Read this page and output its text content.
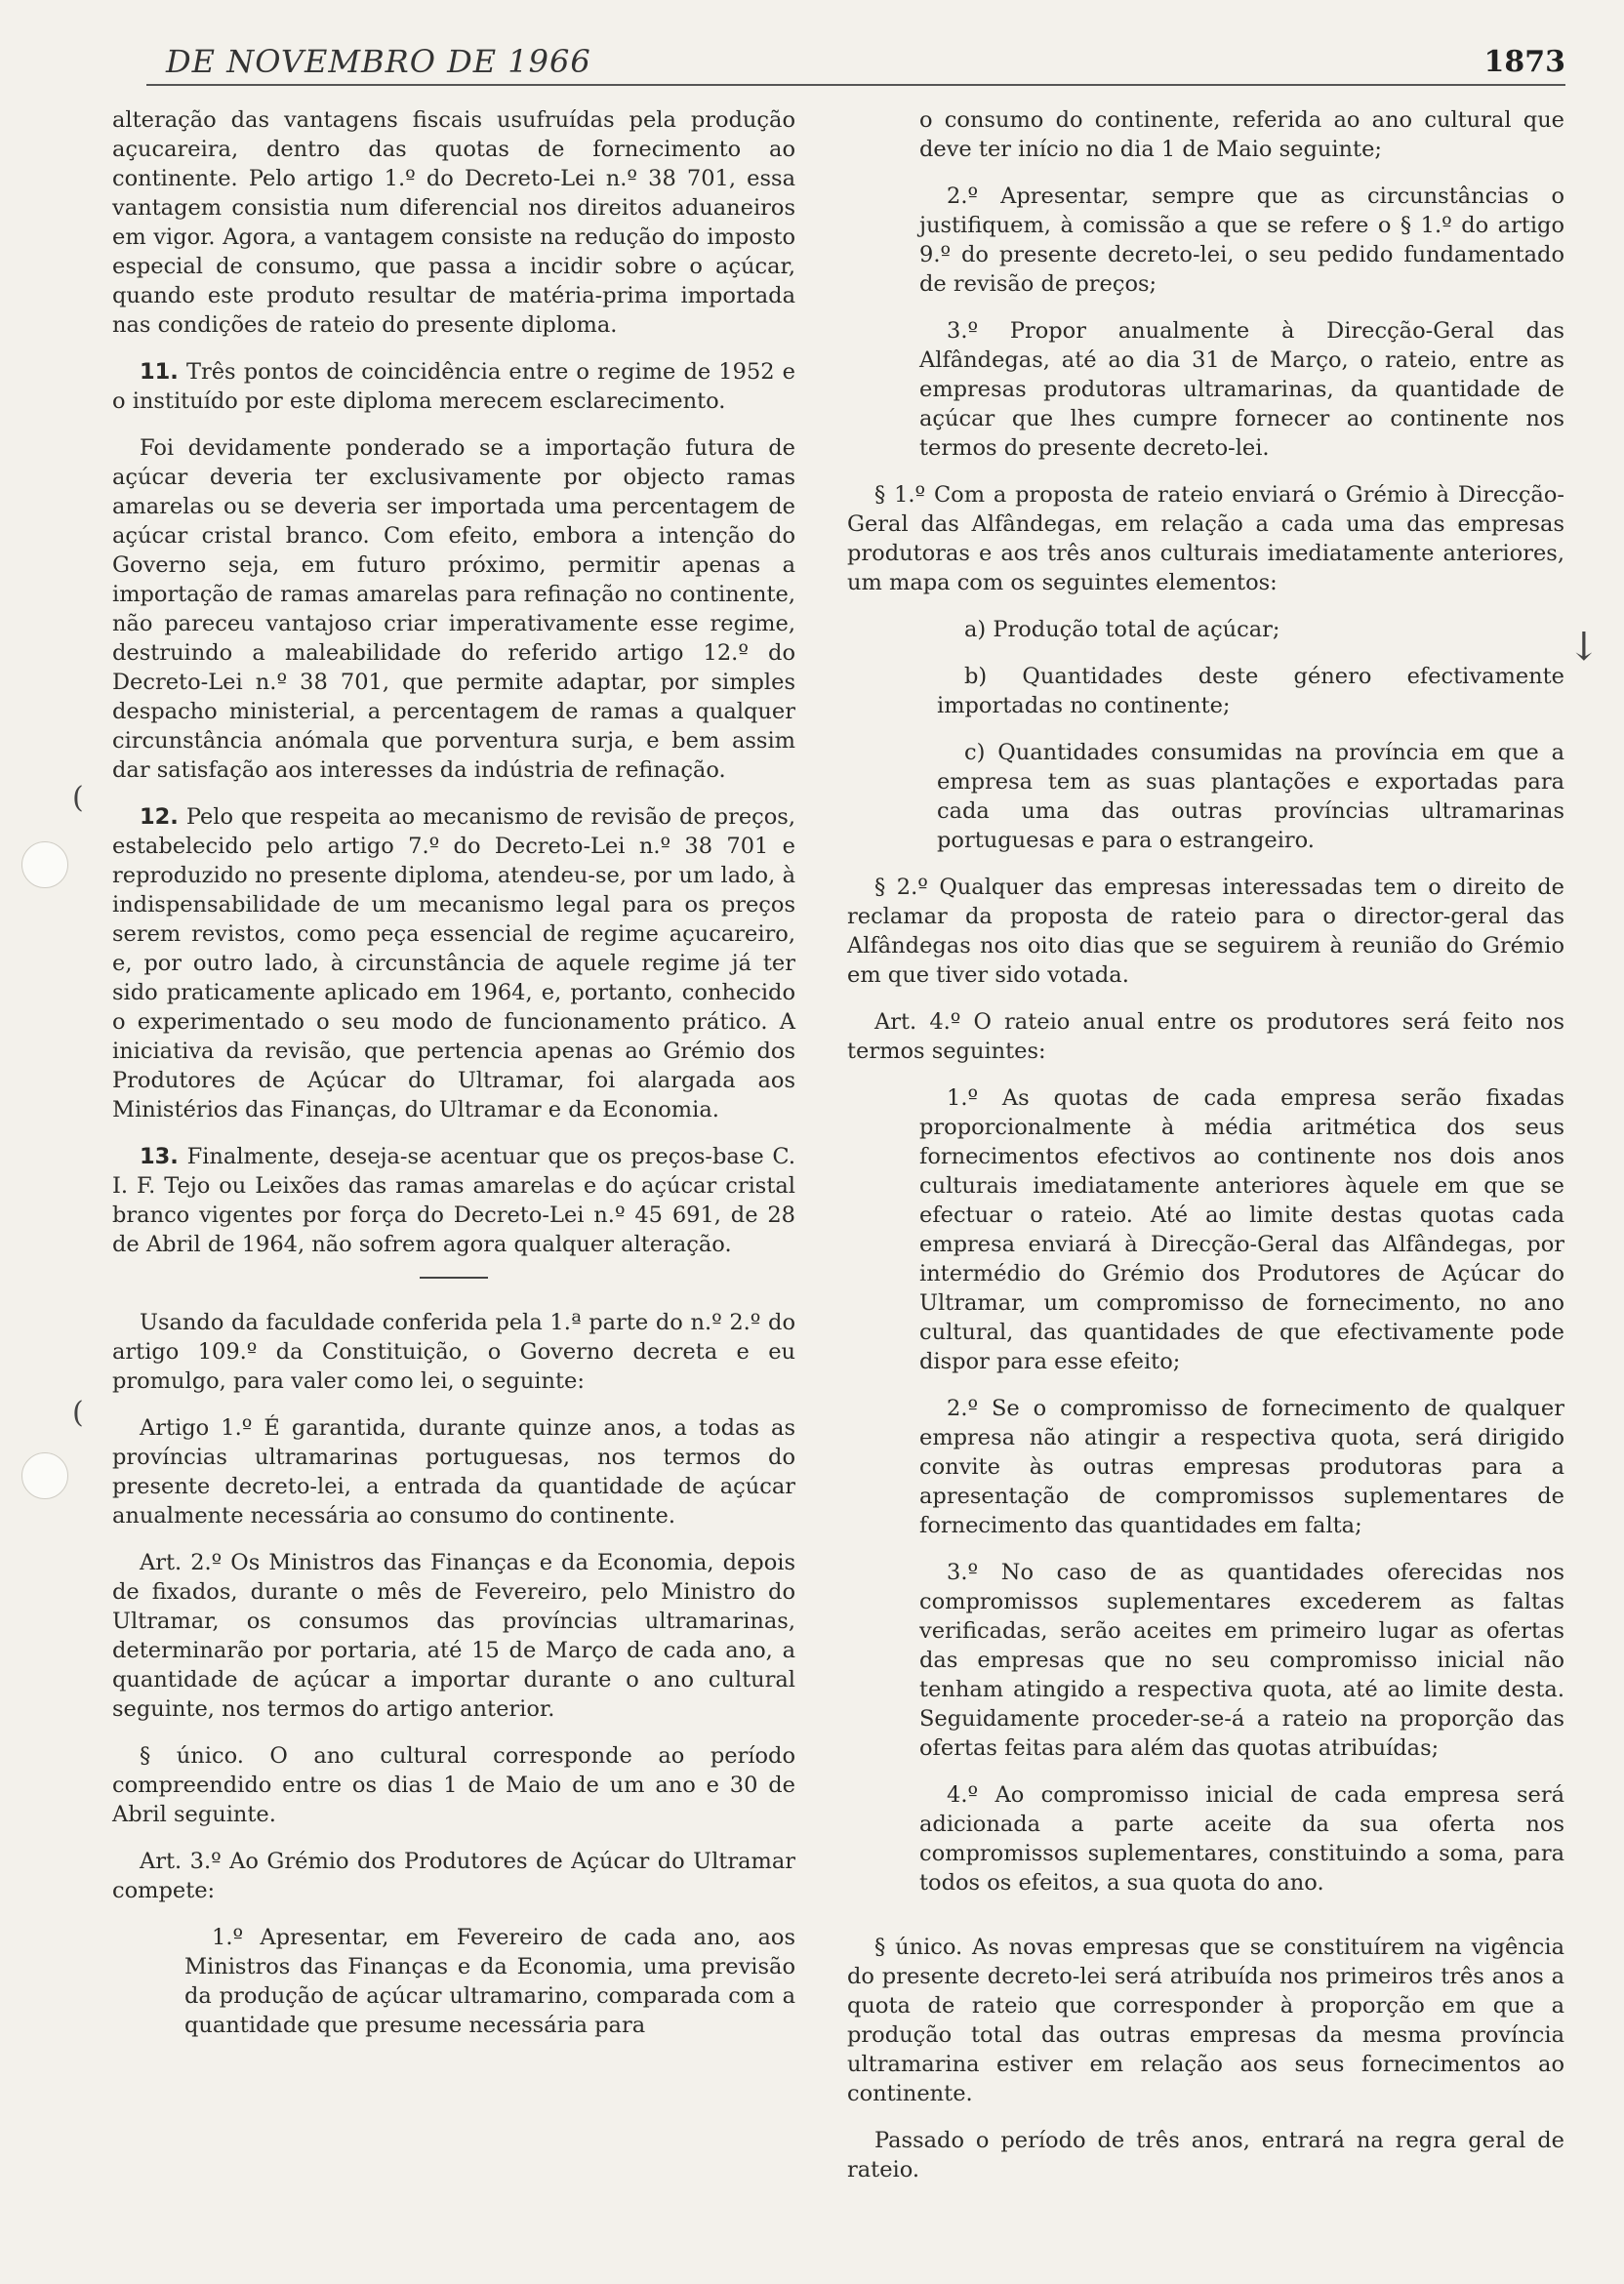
(
(
↓
DE NOVEMBRO DE 1966	1873

alteração das vantagens fiscais usufruídas pela produção açucareira, dentro das quotas de fornecimento ao continente. Pelo artigo 1.º do Decreto-Lei n.º 38 701, essa vantagem consistia num diferencial nos direitos aduaneiros em vigor. Agora, a vantagem consiste na redução do imposto especial de consumo, que passa a incidir sobre o açúcar, quando este produto resultar de matéria-prima importada nas condições de rateio do presente diploma.

11. Três pontos de coincidência entre o regime de 1952 e o instituído por este diploma merecem esclarecimento.

Foi devidamente ponderado se a importação futura de açúcar deveria ter exclusivamente por objecto ramas amarelas ou se deveria ser importada uma percentagem de açúcar cristal branco. Com efeito, embora a intenção do Governo seja, em futuro próximo, permitir apenas a importação de ramas amarelas para refinação no continente, não pareceu vantajoso criar imperativamente esse regime, destruindo a maleabilidade do referido artigo 12.º do Decreto-Lei n.º 38 701, que permite adaptar, por simples despacho ministerial, a percentagem de ramas a qualquer circunstância anómala que porventura surja, e bem assim dar satisfação aos interesses da indústria de refinação.

12. Pelo que respeita ao mecanismo de revisão de preços, estabelecido pelo artigo 7.º do Decreto-Lei n.º 38 701 e reproduzido no presente diploma, atendeu-se, por um lado, à indispensabilidade de um mecanismo legal para os preços serem revistos, como peça essencial de regime açucareiro, e, por outro lado, à circunstância de aquele regime já ter sido praticamente aplicado em 1964, e, portanto, conhecido o experimentado o seu modo de funcionamento prático. A iniciativa da revisão, que pertencia apenas ao Grémio dos Produtores de Açúcar do Ultramar, foi alargada aos Ministérios das Finanças, do Ultramar e da Economia.

13. Finalmente, deseja-se acentuar que os preços-base C. I. F. Tejo ou Leixões das ramas amarelas e do açúcar cristal branco vigentes por força do Decreto-Lei n.º 45 691, de 28 de Abril de 1964, não sofrem agora qualquer alteração.

Usando da faculdade conferida pela 1.ª parte do n.º 2.º do artigo 109.º da Constituição, o Governo decreta e eu promulgo, para valer como lei, o seguinte:

Artigo 1.º É garantida, durante quinze anos, a todas as províncias ultramarinas portuguesas, nos termos do presente decreto-lei, a entrada da quantidade de açúcar anualmente necessária ao consumo do continente.

Art. 2.º Os Ministros das Finanças e da Economia, depois de fixados, durante o mês de Fevereiro, pelo Ministro do Ultramar, os consumos das províncias ultramarinas, determinarão por portaria, até 15 de Março de cada ano, a quantidade de açúcar a importar durante o ano cultural seguinte, nos termos do artigo anterior.

§ único. O ano cultural corresponde ao período compreendido entre os dias 1 de Maio de um ano e 30 de Abril seguinte.

Art. 3.º Ao Grémio dos Produtores de Açúcar do Ultramar compete:

1.º Apresentar, em Fevereiro de cada ano, aos Ministros das Finanças e da Economia, uma previsão da produção de açúcar ultramarino, comparada com a quantidade que presume necessária para

o consumo do continente, referida ao ano cultural que deve ter início no dia 1 de Maio seguinte;

2.º Apresentar, sempre que as circunstâncias o justifiquem, à comissão a que se refere o § 1.º do artigo 9.º do presente decreto-lei, o seu pedido fundamentado de revisão de preços;

3.º Propor anualmente à Direcção-Geral das Alfândegas, até ao dia 31 de Março, o rateio, entre as empresas produtoras ultramarinas, da quantidade de açúcar que lhes cumpre fornecer ao continente nos termos do presente decreto-lei.

§ 1.º Com a proposta de rateio enviará o Grémio à Direcção-Geral das Alfândegas, em relação a cada uma das empresas produtoras e aos três anos culturais imediatamente anteriores, um mapa com os seguintes elementos:

a) Produção total de açúcar;

b) Quantidades deste género efectivamente importadas no continente;

c) Quantidades consumidas na província em que a empresa tem as suas plantações e exportadas para cada uma das outras províncias ultramarinas portuguesas e para o estrangeiro.

§ 2.º Qualquer das empresas interessadas tem o direito de reclamar da proposta de rateio para o director-geral das Alfândegas nos oito dias que se seguirem à reunião do Grémio em que tiver sido votada.

Art. 4.º O rateio anual entre os produtores será feito nos termos seguintes:

1.º As quotas de cada empresa serão fixadas proporcionalmente à média aritmética dos seus fornecimentos efectivos ao continente nos dois anos culturais imediatamente anteriores àquele em que se efectuar o rateio. Até ao limite destas quotas cada empresa enviará à Direcção-Geral das Alfândegas, por intermédio do Grémio dos Produtores de Açúcar do Ultramar, um compromisso de fornecimento, no ano cultural, das quantidades de que efectivamente pode dispor para esse efeito;

2.º Se o compromisso de fornecimento de qualquer empresa não atingir a respectiva quota, será dirigido convite às outras empresas produtoras para a apresentação de compromissos suplementares de fornecimento das quantidades em falta;

3.º No caso de as quantidades oferecidas nos compromissos suplementares excederem as faltas verificadas, serão aceites em primeiro lugar as ofertas das empresas que no seu compromisso inicial não tenham atingido a respectiva quota, até ao limite desta. Seguidamente proceder-se-á a rateio na proporção das ofertas feitas para além das quotas atribuídas;

4.º Ao compromisso inicial de cada empresa será adicionada a parte aceite da sua oferta nos compromissos suplementares, constituindo a soma, para todos os efeitos, a sua quota do ano.

§ único. As novas empresas que se constituírem na vigência do presente decreto-lei será atribuída nos primeiros três anos a quota de rateio que corresponder à proporção em que a produção total das outras empresas da mesma província ultramarina estiver em relação aos seus fornecimentos ao continente.

Passado o período de três anos, entrará na regra geral de rateio.
